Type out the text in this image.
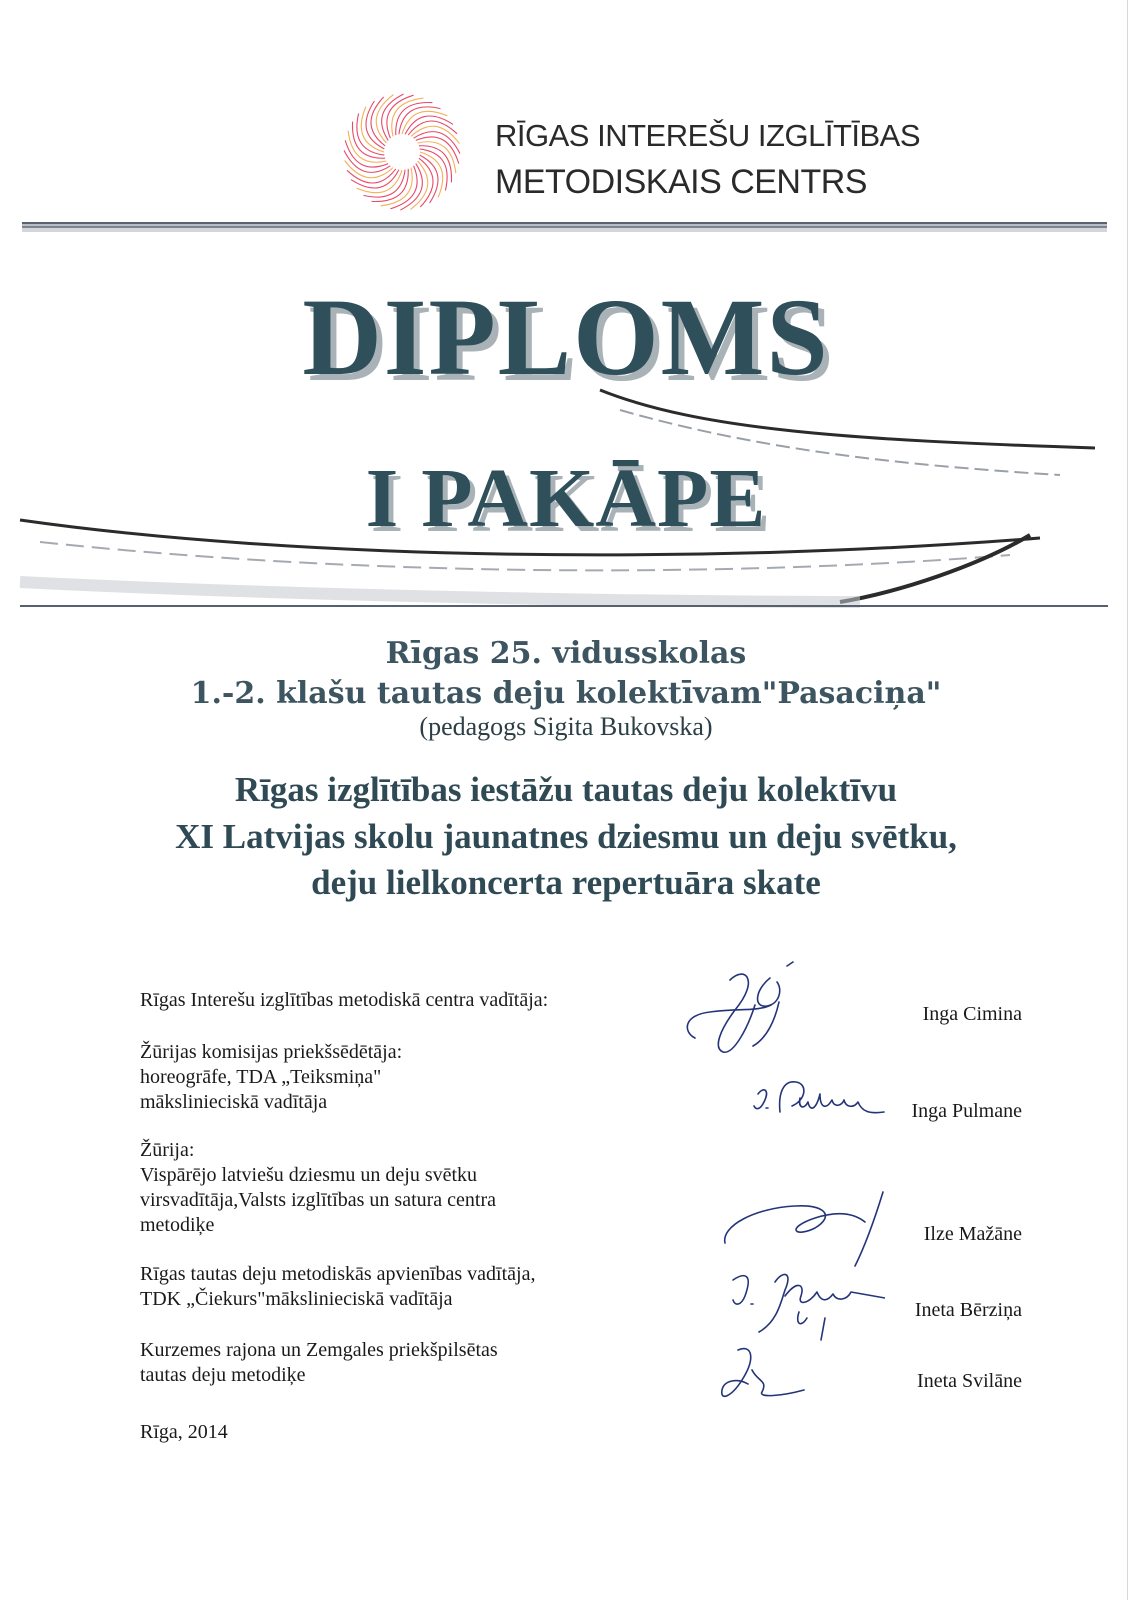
RĪGAS INTEREŠU IZGLĪTĪBAS
METODISKAIS CENTRS
DIPLOMS
I PAKĀPE
Rīgas 25. vidusskolas
1.-2. klašu tautas deju kolektīvam"Pasaciņa"
(pedagogs Sigita Bukovska)
Rīgas izglītības iestāžu tautas deju kolektīvu
XI Latvijas skolu jaunatnes dziesmu un deju svētku,
deju lielkoncerta repertuāra skate
Rīgas Interešu izglītības metodiskā centra vadītāja:
Žūrijas komisijas priekšsēdētāja:
horeogrāfe, TDA „Teiksmiņa"
mākslinieciskā vadītāja
Žūrija:
Vispārējo latviešu dziesmu un deju svētku
virsvadītāja,Valsts izglītības un satura centra
metodiķe
Rīgas tautas deju metodiskās apvienības vadītāja,
TDK „Čiekurs"mākslinieciskā vadītāja
Kurzemes rajona un Zemgales priekšpilsētas
tautas deju metodiķe
Rīga, 2014
Inga Ciminа
Inga Pulmane
Ilze Mažāne
Ineta Bērziņa
Ineta Svilāne
